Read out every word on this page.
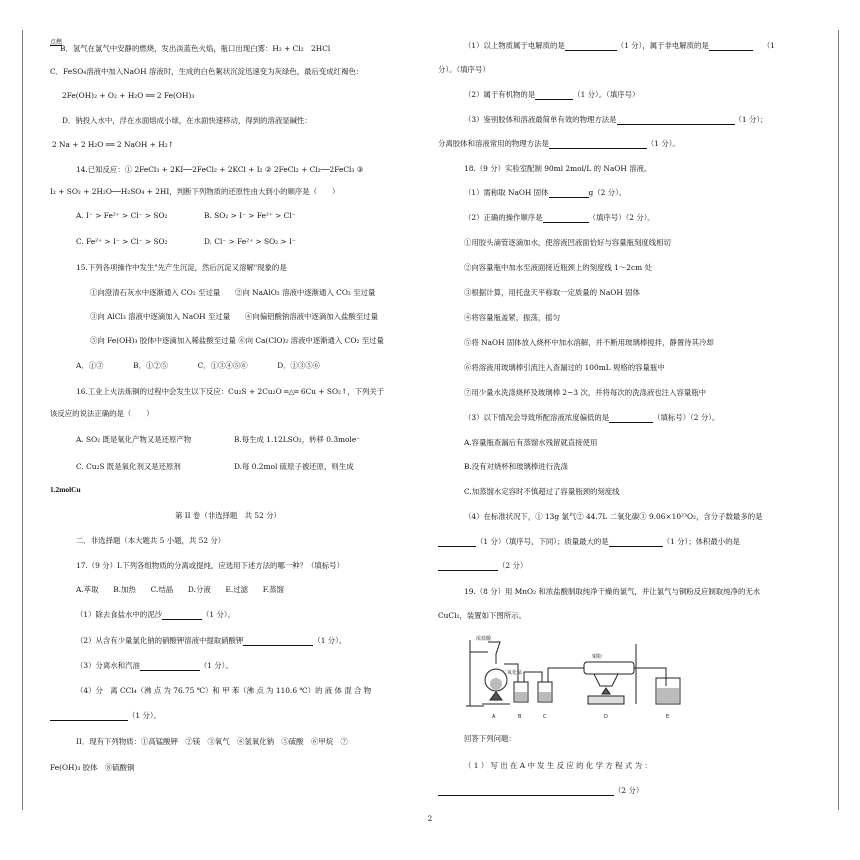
点燃
B．氢气在氯气中安静的燃烧，发出淡蓝色火焰，瓶口出现白雾：H₂ + Cl₂　2HCl
C．FeSO₄溶液中加入NaOH 溶液时，生成的白色絮状沉淀迅速变为灰绿色，最后变成红褐色：
2Fe(OH)₂ + O₂ + H₂O ══ 2 Fe(OH)₃
D．钠投入水中，浮在水面熔成小球，在水面快速移动，得到的溶液显碱性：
2 Na + 2 H₂O ══ 2 NaOH + H₂↑
14.已知反应：① 2FeCl₃ + 2KI──2FeCl₂ + 2KCl + I₂ ② 2FeCl₂ + Cl₂──2FeCl₃ ③
I₂ + SO₂ + 2H₂O──H₂SO₄ + 2HI，判断下列物质的还原性由大到小的顺序是（　　）
A. I⁻ > Fe²⁺ > Cl⁻ > SO₂	B. SO₂ > I⁻ > Fe²⁺ > Cl⁻
C. Fe²⁺ > I⁻ > Cl⁻ > SO₂	D. Cl⁻ > Fe²⁺ > SO₂ > I⁻
15.下列各项操作中发生"先产生沉淀，然后沉淀又溶解"现象的是
①向澄清石灰水中逐渐通入 CO₂ 至过量　　②向 NaAlO₂ 溶液中逐渐通入 CO₂ 至过量
③向 AlCl₃ 溶液中逐滴加入 NaOH 至过量　　④向偏铝酸钠溶液中逐滴加入盐酸至过量
⑤向 Fe(OH)₃ 胶体中逐滴加入稀盐酸至过量 ⑥向 Ca(ClO)₂ 溶液中逐渐通入 CO₂ 至过量
A．①③　　　　B．①②⑤　　　　C．①③④⑤⑥　　　　D．①③⑤⑥
16.工业上火法炼铜的过程中会发生以下反应：Cu₂S + 2Cu₂O ═△═ 6Cu + SO₂↑，下列关于
该反应的说法正确的是（　　）
A. SO₂ 既是氧化产物又是还原产物	B.每生成 1.12LSO₂，转移 0.3mole⁻
C. Cu₂S 既是氧化剂又是还原剂	D.每 0.2mol 硫原子被还原，则生成
1.2molCu
第 II 卷（非选择题　共 52 分）
二．非选择题（本大题共 5 小题，共 52 分）
17.（9 分）I.下列各组物质的分离或提纯，应选用下述方法的哪一种？（填标号）
A.萃取　　B.加热　　C.结晶　　D.分液　　E.过滤　　F.蒸馏
（1）除去食盐水中的泥沙	（1 分）。
（2）从含有少量氯化钠的硝酸钾溶液中提取硝酸钾	（1 分）。
（3）分离水和汽油	（1 分）。
（4）分　离 CCl₄（沸 点 为 76.75 ℃）和 甲 苯（沸 点 为 110.6 ℃）的 液 体 混 合 物
（1 分）。
II．现有下列物质：①高锰酸钾　②镁　③氧气　④氢氧化钠　⑤硫酸　⑥甲烷　⑦
Fe(OH)₃ 胶体　⑧硫酸铜
（1）以上物质属于电解质的是	（1 分），属于非电解质的是	（1
分）。（填序号）
（2）属于有机物的是	（1 分）。（填序号）
（3）鉴别胶体和溶液最简单有效的物理方法是	（1 分）；
分离胶体和溶液常用的物理方法是	（1 分）。
18.（9 分）实验室配制 90ml 2mol/L 的 NaOH 溶液。
（1）需称取 NaOH 固体	g（2 分）。
（2）正确的操作顺序是	（填序号）（2 分）。
①用胶头滴管逐滴加水，使溶液凹液面恰好与容量瓶刻度线相切
②向容量瓶中加水至液面接近瓶颈上的刻度线 1～2cm 处
③根据计算，用托盘天平称取一定质量的 NaOH 固体
④将容量瓶盖紧，振荡，摇匀
⑤将 NaOH 固体放入烧杯中加水溶解，并不断用玻璃棒搅拌，静置待其冷却
⑥将溶液用玻璃棒引流注入查漏过的 100mL 规格的容量瓶中
⑦用少量水洗涤烧杯及玻璃棒 2~3 次，并将每次的洗涤液也注入容量瓶中
（3）以下情况会导致所配溶液浓度偏低的是	（填标号）（2 分）。
A.容量瓶查漏后有蒸馏水残留就直接使用
B.没有对烧杯和玻璃棒进行洗涤
C.加蒸馏水定容时不慎超过了容量瓶颈的刻度线
（4）在标准状况下，① 13g 氯气② 44.7L 二氧化碳③ 9.06×10²³O₂，含分子数最多的是
（1 分）（填序号，下同）；质量最大的是	（1 分）；体积最小的是
（2 分）
19.（8 分）用 MnO₂ 和浓盐酸制取纯净干燥的氯气，并让氯气与铜粉反应制取纯净的无水
CuCl₂，装置如下图所示。
浓盐酸
二氧化锰
铜粉
A	B	C	D	E
回答下列问题：
（ 1 ） 写 出 在 A 中 发 生 反 应 的 化 学 方 程 式 为 ：
（2 分）
2
